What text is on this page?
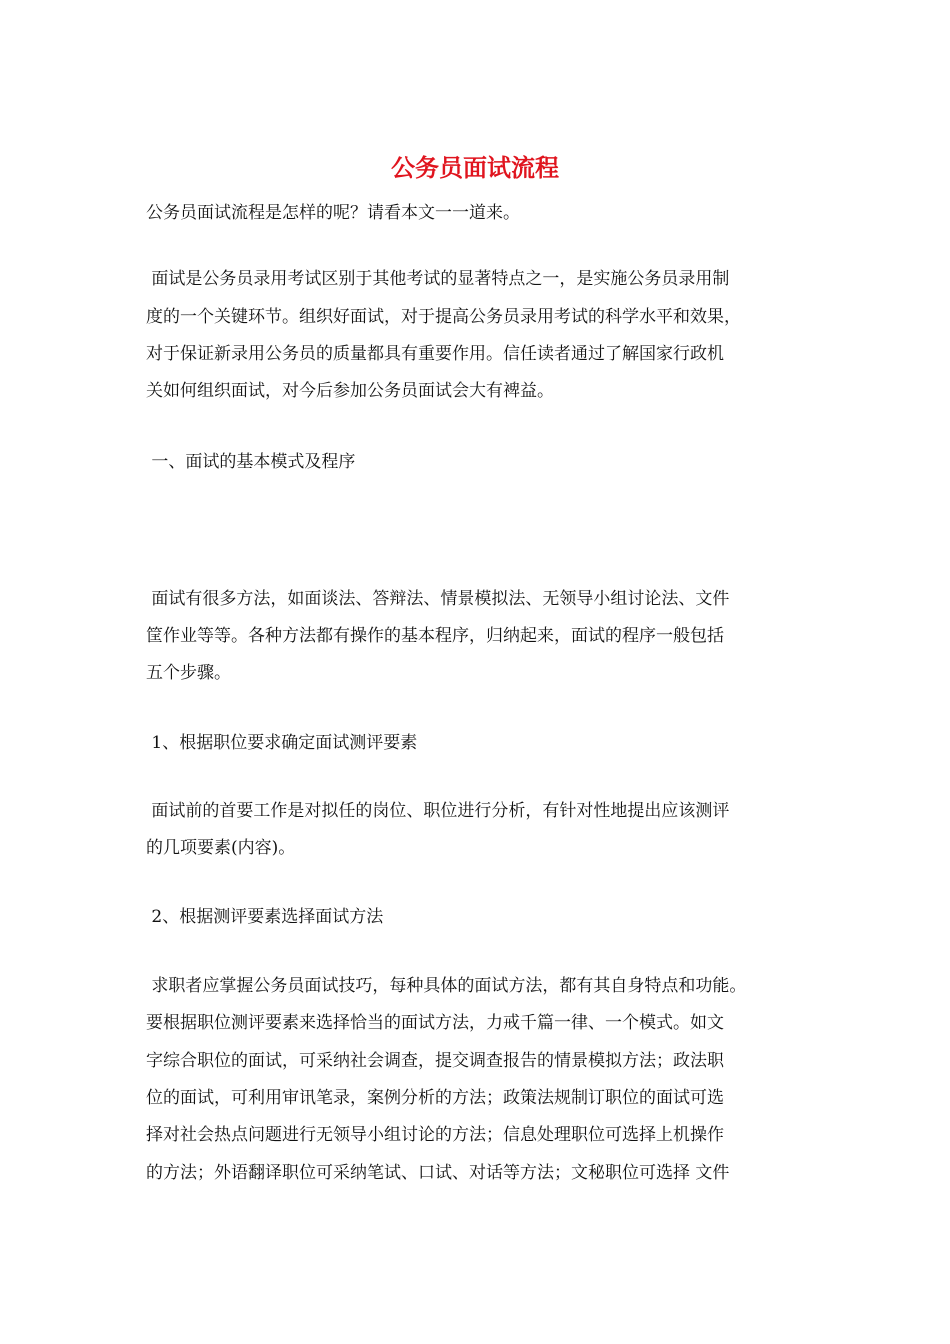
公务员面试流程
公务员面试流程是怎样的呢？请看本文一一道来。
面试是公务员录用考试区别于其他考试的显著特点之一，是实施公务员录用制
度的一个关键环节。组织好面试，对于提高公务员录用考试的科学水平和效果，
对于保证新录用公务员的质量都具有重要作用。信任读者通过了解国家行政机
关如何组织面试，对今后参加公务员面试会大有裨益。
一、面试的基本模式及程序
面试有很多方法，如面谈法、答辩法、情景模拟法、无领导小组讨论法、文件
筐作业等等。各种方法都有操作的基本程序，归纳起来，面试的程序一般包括
五个步骤。
1、根据职位要求确定面试测评要素
面试前的首要工作是对拟任的岗位、职位进行分析，有针对性地提出应该测评
的几项要素(内容)。
2、根据测评要素选择面试方法
求职者应掌握公务员面试技巧，每种具体的面试方法，都有其自身特点和功能。
要根据职位测评要素来选择恰当的面试方法，力戒千篇一律、一个模式。如文
字综合职位的面试，可采纳社会调查，提交调查报告的情景模拟方法；政法职
位的面试，可利用审讯笔录，案例分析的方法；政策法规制订职位的面试可选
择对社会热点问题进行无领导小组讨论的方法；信息处理职位可选择上机操作
的方法；外语翻译职位可采纳笔试、口试、对话等方法；文秘职位可选择 文件
